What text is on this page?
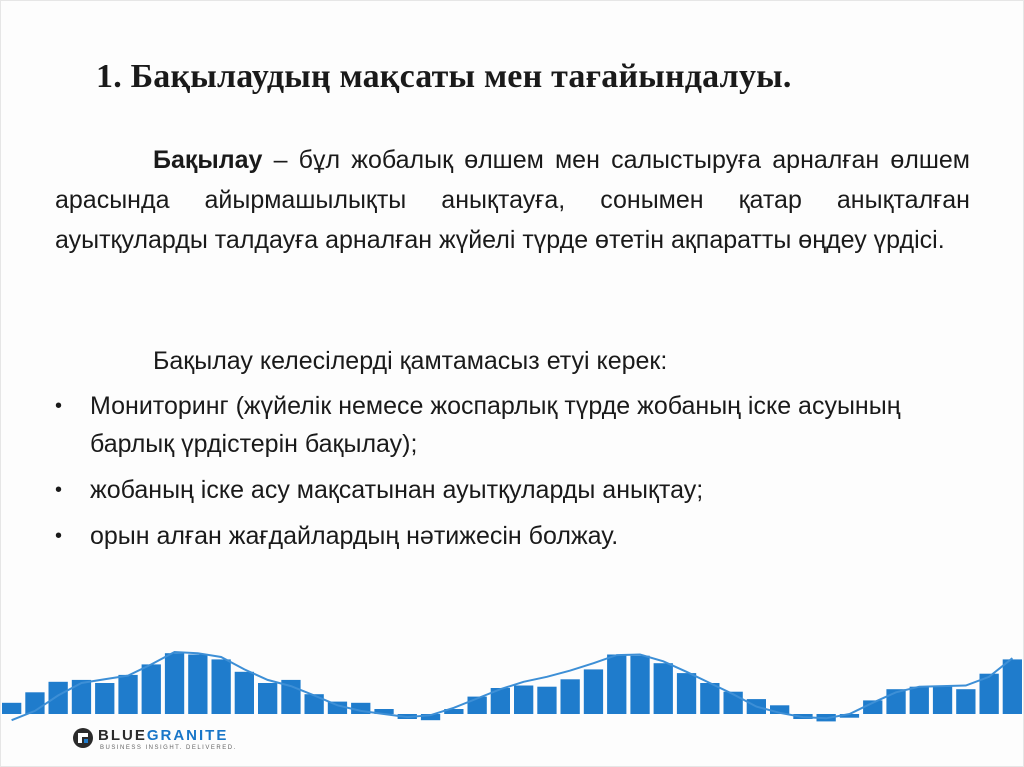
1. Бақылаудың мақсаты мен тағайындалуы.
Бақылау – бұл жобалық өлшем мен салыстыруға арналған өлшем арасында айырмашылықты анықтауға, сонымен қатар анықталған ауытқуларды талдауға арналған жүйелі түрде өтетін ақпаратты өңдеу үрдісі.
Бақылау келесілерді қамтамасыз етуі керек:
• Мониторинг (жүйелік немесе жоспарлық түрде жобаның іске асуының барлық үрдістерін бақылау);
• жобаның іске асу мақсатынан ауытқуларды анықтау;
• орын алған жағдайлардың нәтижесін болжау.
BLUEGRANITE
BUSINESS INSIGHT. DELIVERED.
